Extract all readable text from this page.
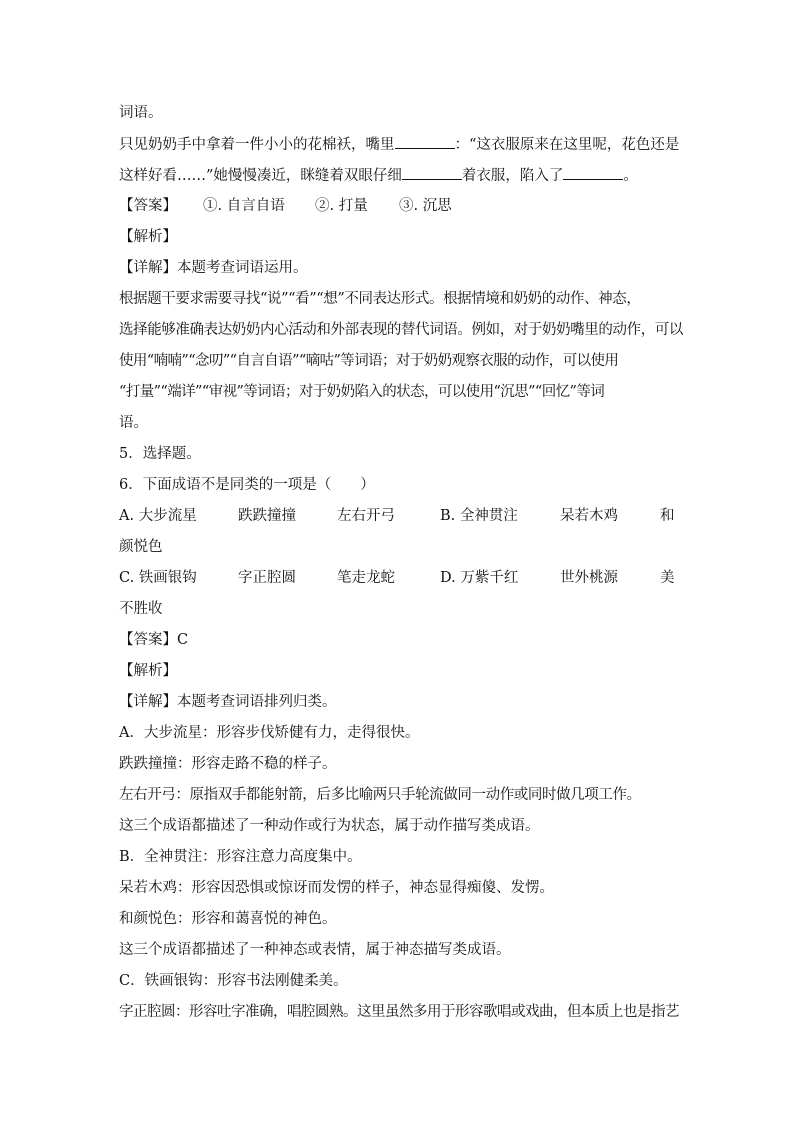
词语。
只见奶奶手中拿着一件小小的花棉袄，嘴里	：“这衣服原来在这里呢，花色还是
这样好看……”她慢慢凑近，眯缝着双眼仔细	着衣服，陷入了	。
【答案】 ①. 自言自语 ②. 打量 ③. 沉思
【解析】
【详解】本题考查词语运用。
根据题干要求需要寻找“说”“看”“想”不同表达形式。根据情境和奶奶的动作、神态，
选择能够准确表达奶奶内心活动和外部表现的替代词语。例如，对于奶奶嘴里的动作，可以
使用“喃喃”“念叨”“自言自语”“嘀咕”等词语；对于奶奶观察衣服的动作，可以使用
“打量”“端详”“审视”等词语；对于奶奶陷入的状态，可以使用“沉思”“回忆”等词
语。
5．选择题。
6．下面成语不是同类的一项是（　　）
A. 大步流星	跌跌撞撞	左右开弓	B. 全神贯注	呆若木鸡	和
颜悦色
C. 铁画银钩	字正腔圆	笔走龙蛇	D. 万紫千红	世外桃源	美
不胜收
【答案】C
【解析】
【详解】本题考查词语排列归类。
A．大步流星：形容步伐矫健有力，走得很快。
跌跌撞撞：形容走路不稳的样子。
左右开弓：原指双手都能射箭，后多比喻两只手轮流做同一动作或同时做几项工作。
这三个成语都描述了一种动作或行为状态，属于动作描写类成语。
B．全神贯注：形容注意力高度集中。
呆若木鸡：形容因恐惧或惊讶而发愣的样子，神态显得痴傻、发愣。
和颜悦色：形容和蔼喜悦的神色。
这三个成语都描述了一种神态或表情，属于神态描写类成语。
C．铁画银钩：形容书法刚健柔美。
字正腔圆：形容吐字准确，唱腔圆熟。这里虽然多用于形容歌唱或戏曲，但本质上也是指艺
